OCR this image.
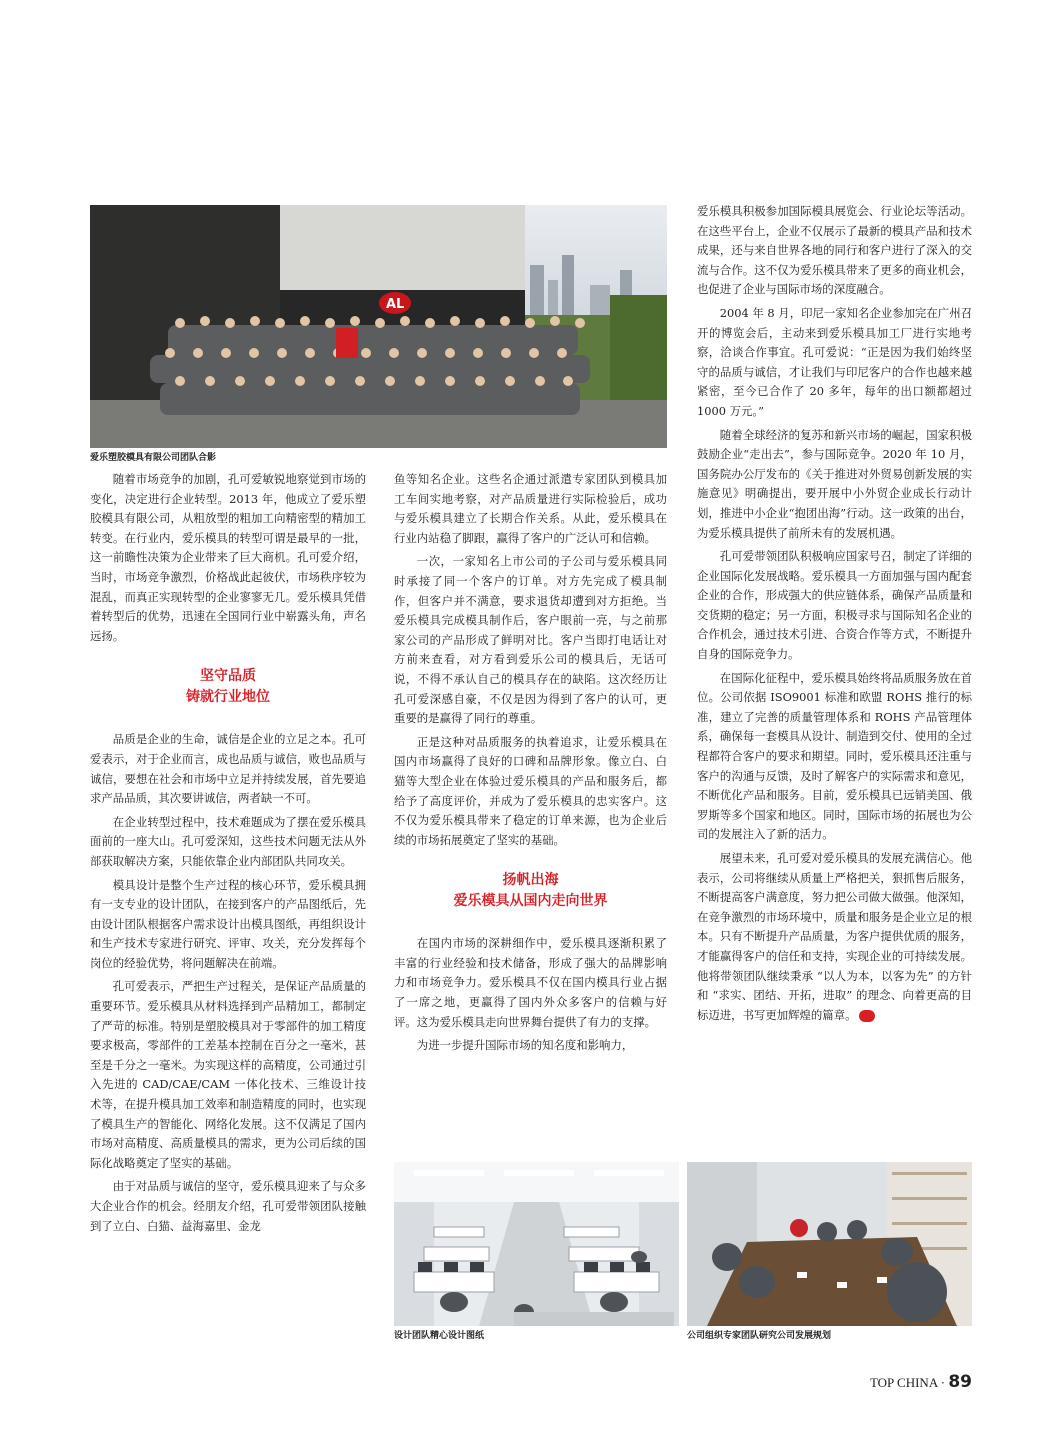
AL
爱乐塑胶模具有限公司团队合影

随着市场竞争的加剧，孔可爱敏锐地察觉到市场的变化，决定进行企业转型。2013 年，他成立了爱乐塑胶模具有限公司，从粗放型的粗加工向精密型的精加工转变。在行业内，爱乐模具的转型可谓是最早的一批，这一前瞻性决策为企业带来了巨大商机。孔可爱介绍，当时，市场竞争激烈，价格战此起彼伏，市场秩序较为混乱，而真正实现转型的企业寥寥无几。爱乐模具凭借着转型后的优势，迅速在全国同行业中崭露头角，声名远扬。

坚守品质
铸就行业地位

品质是企业的生命，诚信是企业的立足之本。孔可爱表示，对于企业而言，成也品质与诚信，败也品质与诚信，要想在社会和市场中立足并持续发展，首先要追求产品品质，其次要讲诚信，两者缺一不可。

在企业转型过程中，技术难题成为了摆在爱乐模具面前的一座大山。孔可爱深知，这些技术问题无法从外部获取解决方案，只能依靠企业内部团队共同攻关。

模具设计是整个生产过程的核心环节，爱乐模具拥有一支专业的设计团队，在接到客户的产品图纸后，先由设计团队根据客户需求设计出模具图纸，再组织设计和生产技术专家进行研究、评审、攻关，充分发挥每个岗位的经验优势，将问题解决在前端。

孔可爱表示，严把生产过程关，是保证产品质量的重要环节。爱乐模具从材料选择到产品精加工，都制定了严苛的标准。特别是塑胶模具对于零部件的加工精度要求极高，零部件的工差基本控制在百分之一毫米，甚至是千分之一毫米。为实现这样的高精度，公司通过引入先进的 CAD/CAE/CAM 一体化技术、三维设计技术等，在提升模具加工效率和制造精度的同时，也实现了模具生产的智能化、网络化发展。这不仅满足了国内市场对高精度、高质量模具的需求，更为公司后续的国际化战略奠定了坚实的基础。

由于对品质与诚信的坚守，爱乐模具迎来了与众多大企业合作的机会。经朋友介绍，孔可爱带领团队接触到了立白、白猫、益海嘉里、金龙

鱼等知名企业。这些名企通过派遣专家团队到模具加工车间实地考察，对产品质量进行实际检验后，成功与爱乐模具建立了长期合作关系。从此，爱乐模具在行业内站稳了脚跟，赢得了客户的广泛认可和信赖。

一次，一家知名上市公司的子公司与爱乐模具同时承接了同一个客户的订单。对方先完成了模具制作，但客户并不满意，要求退货却遭到对方拒绝。当爱乐模具完成模具制作后，客户眼前一亮，与之前那家公司的产品形成了鲜明对比。客户当即打电话让对方前来查看，对方看到爱乐公司的模具后，无话可说，不得不承认自己的模具存在的缺陷。这次经历让孔可爱深感自豪，不仅是因为得到了客户的认可，更重要的是赢得了同行的尊重。

正是这种对品质服务的执着追求，让爱乐模具在国内市场赢得了良好的口碑和品牌形象。像立白、白猫等大型企业在体验过爱乐模具的产品和服务后，都给予了高度评价，并成为了爱乐模具的忠实客户。这不仅为爱乐模具带来了稳定的订单来源，也为企业后续的市场拓展奠定了坚实的基础。

扬帆出海
爱乐模具从国内走向世界

在国内市场的深耕细作中，爱乐模具逐渐积累了丰富的行业经验和技术储备，形成了强大的品牌影响力和市场竞争力。爱乐模具不仅在国内模具行业占据了一席之地，更赢得了国内外众多客户的信赖与好评。这为爱乐模具走向世界舞台提供了有力的支撑。

为进一步提升国际市场的知名度和影响力，

爱乐模具积极参加国际模具展览会、行业论坛等活动。在这些平台上，企业不仅展示了最新的模具产品和技术成果，还与来自世界各地的同行和客户进行了深入的交流与合作。这不仅为爱乐模具带来了更多的商业机会，也促进了企业与国际市场的深度融合。

2004 年 8 月，印尼一家知名企业参加完在广州召开的博览会后，主动来到爱乐模具加工厂进行实地考察，洽谈合作事宜。孔可爱说：“正是因为我们始终坚守的品质与诚信，才让我们与印尼客户的合作也越来越紧密，至今已合作了 20 多年，每年的出口额都超过 1000 万元。”

随着全球经济的复苏和新兴市场的崛起，国家积极鼓励企业“走出去”，参与国际竞争。2020 年 10 月，国务院办公厅发布的《关于推进对外贸易创新发展的实施意见》明确提出，要开展中小外贸企业成长行动计划，推进中小企业“抱团出海”行动。这一政策的出台，为爱乐模具提供了前所未有的发展机遇。

孔可爱带领团队积极响应国家号召，制定了详细的企业国际化发展战略。爱乐模具一方面加强与国内配套企业的合作，形成强大的供应链体系，确保产品质量和交货期的稳定；另一方面，积极寻求与国际知名企业的合作机会，通过技术引进、合资合作等方式，不断提升自身的国际竞争力。

在国际化征程中，爱乐模具始终将品质服务放在首位。公司依据 ISO9001 标准和欧盟 ROHS 推行的标准，建立了完善的质量管理体系和 ROHS 产品管理体系，确保每一套模具从设计、制造到交付、使用的全过程都符合客户的要求和期望。同时，爱乐模具还注重与客户的沟通与反馈，及时了解客户的实际需求和意见，不断优化产品和服务。目前，爱乐模具已远销美国、俄罗斯等多个国家和地区。同时，国际市场的拓展也为公司的发展注入了新的活力。

展望未来，孔可爱对爱乐模具的发展充满信心。他表示，公司将继续从质量上严格把关，狠抓售后服务，不断提高客户满意度，努力把公司做大做强。他深知，在竞争激烈的市场环境中，质量和服务是企业立足的根本。只有不断提升产品质量，为客户提供优质的服务，才能赢得客户的信任和支持，实现企业的可持续发展。他将带领团队继续秉承 “以人为本，以客为先” 的方针和 “求实、团结、开拓，进取” 的理念、向着更高的目标迈进，书写更加辉煌的篇章。	中

设计团队精心设计图纸	公司组织专家团队研究公司发展规划
TOP CHINA · 89
